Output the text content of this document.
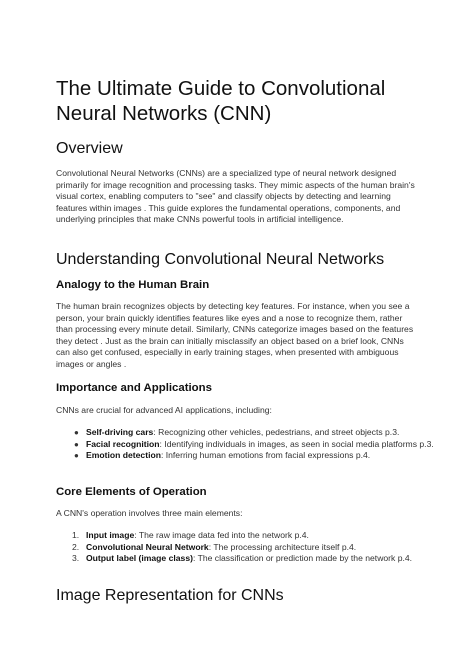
The Ultimate Guide to Convolutional Neural Networks (CNN)
Overview

Convolutional Neural Networks (CNNs) are a specialized type of neural network designed primarily for image recognition and processing tasks. They mimic aspects of the human brain's visual cortex, enabling computers to "see" and classify objects by detecting and learning features within images . This guide explores the fundamental operations, components, and underlying principles that make CNNs powerful tools in artificial intelligence.

Understanding Convolutional Neural Networks
Analogy to the Human Brain

The human brain recognizes objects by detecting key features. For instance, when you see a person, your brain quickly identifies features like eyes and a nose to recognize them, rather than processing every minute detail. Similarly, CNNs categorize images based on the features they detect . Just as the brain can initially misclassify an object based on a brief look, CNNs can also get confused, especially in early training stages, when presented with ambiguous images or angles .

Importance and Applications

CNNs are crucial for advanced AI applications, including:

● Self-driving cars: Recognizing other vehicles, pedestrians, and street objects p.3.
● Facial recognition: Identifying individuals in images, as seen in social media platforms p.3.
● Emotion detection: Inferring human emotions from facial expressions p.4.
Core Elements of Operation

A CNN's operation involves three main elements:

1. Input image: The raw image data fed into the network p.4.
2. Convolutional Neural Network: The processing architecture itself p.4.
3. Output label (image class): The classification or prediction made by the network p.4.
Image Representation for CNNs
